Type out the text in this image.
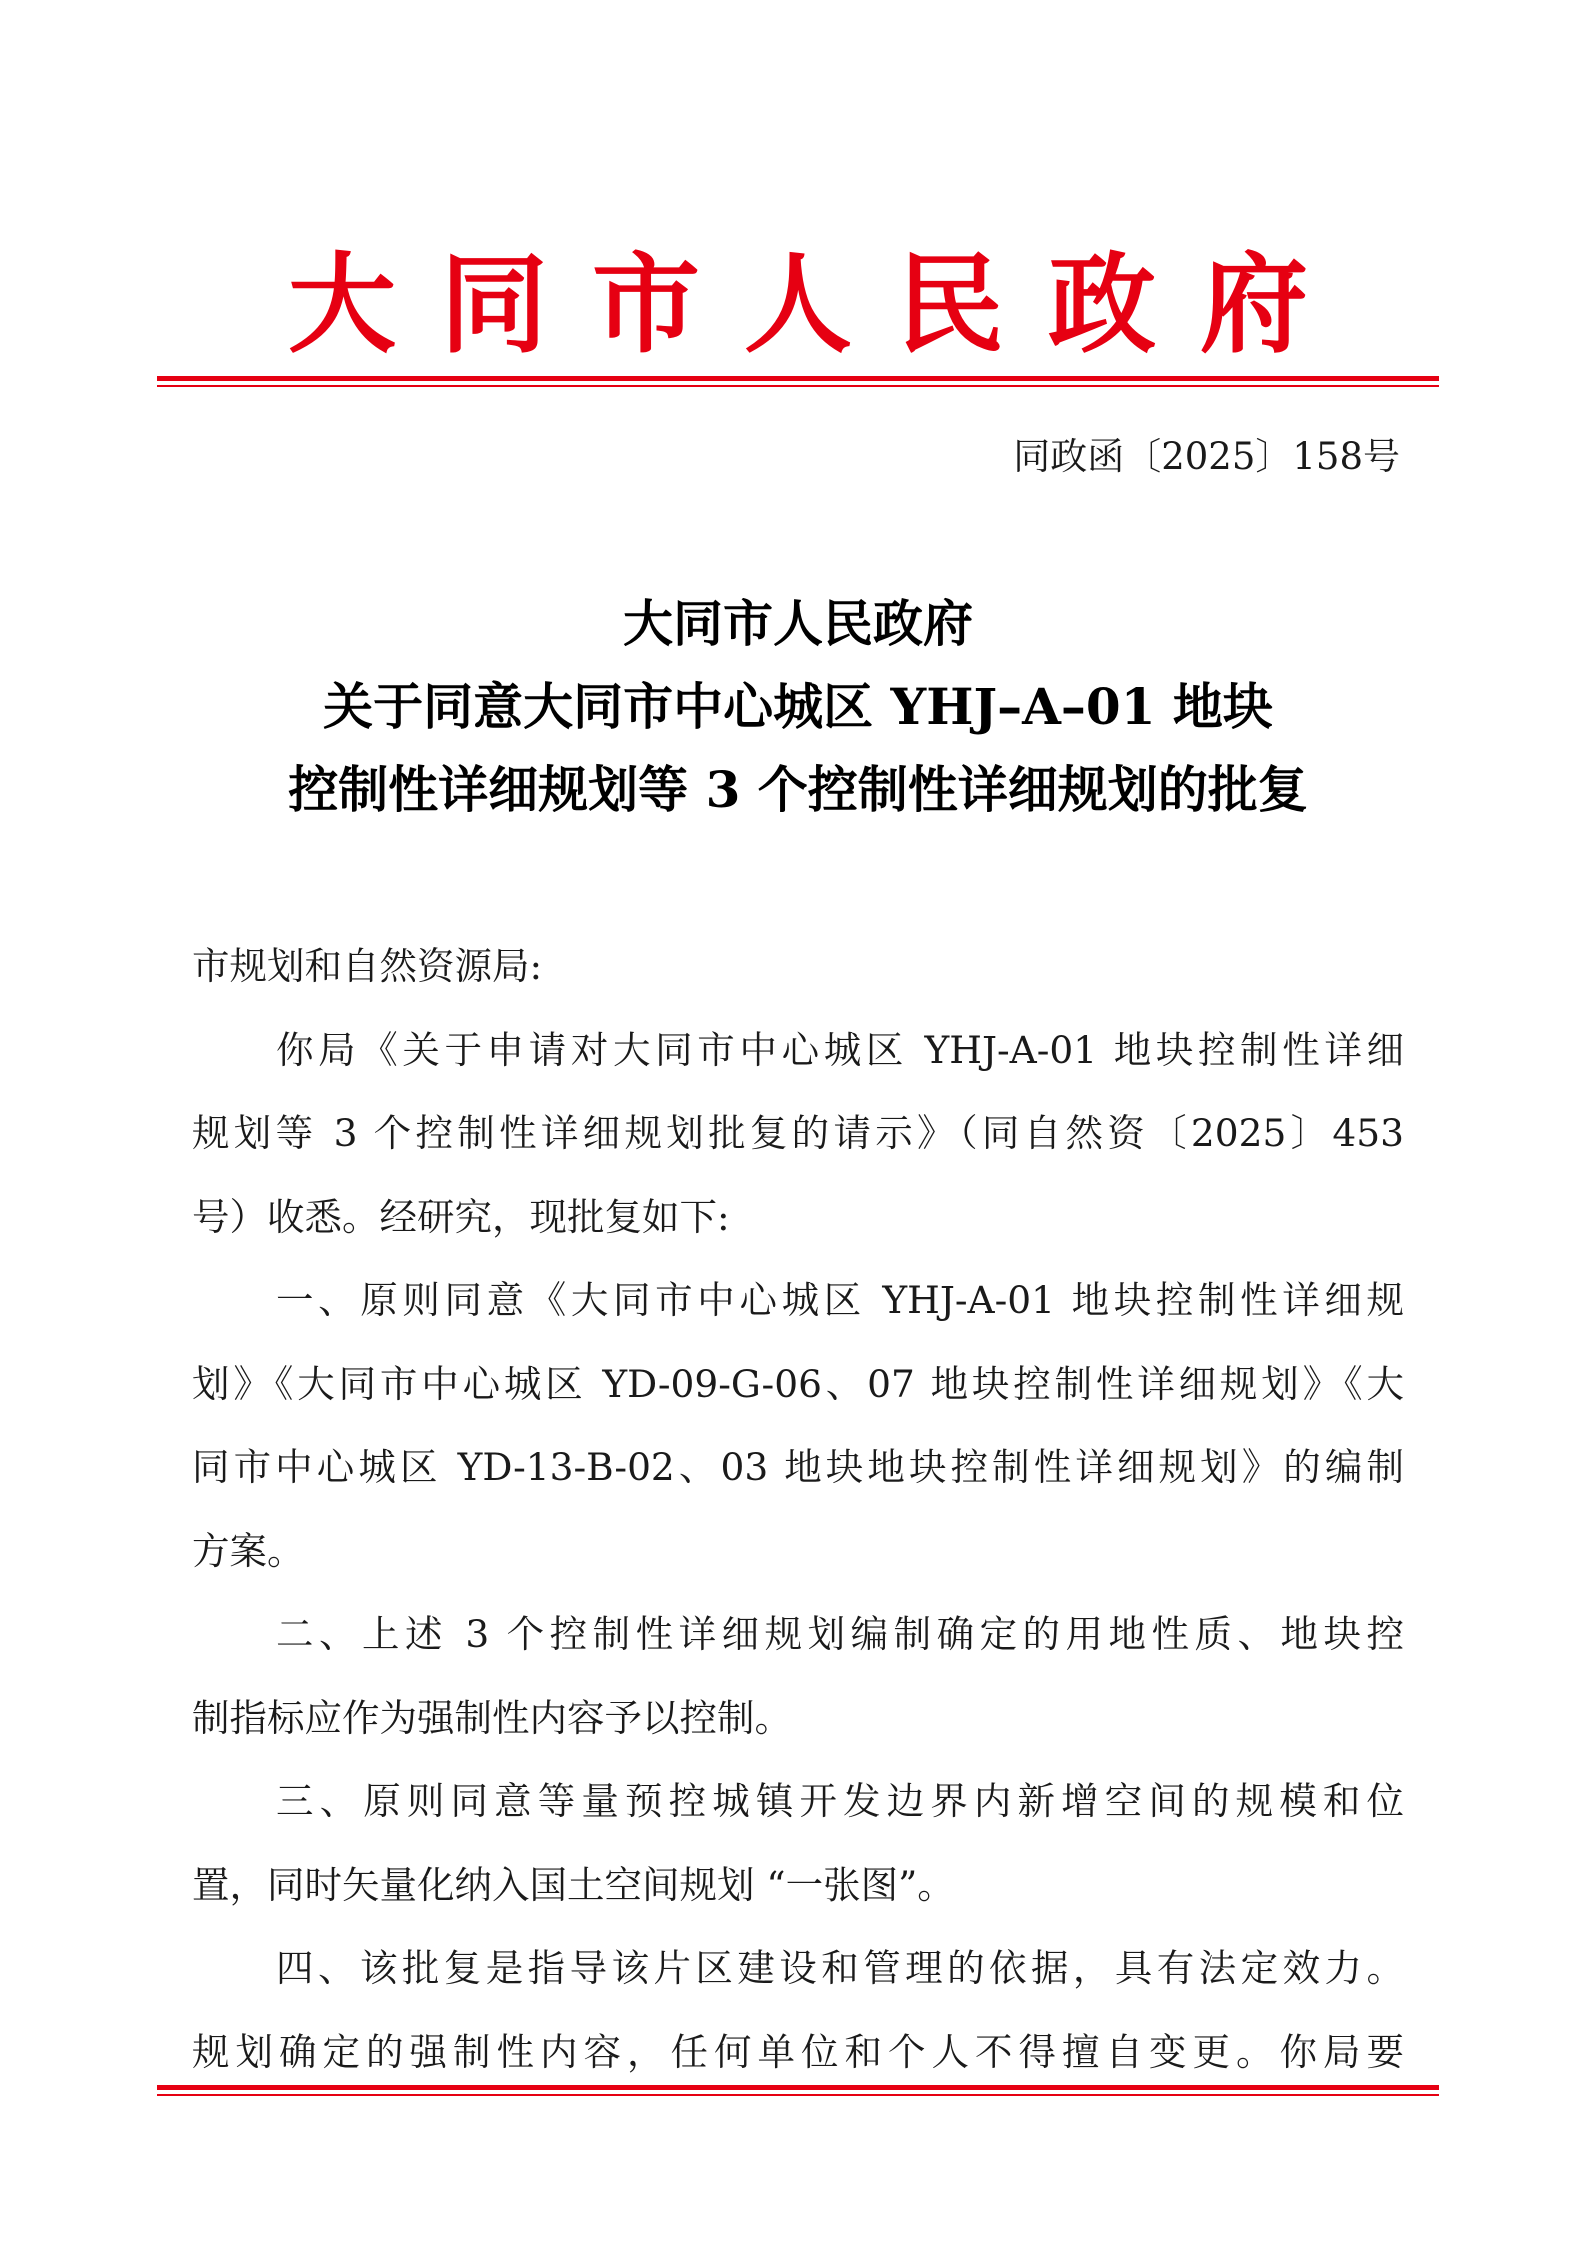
大同市人民政府
同政函〔2025〕158号
大同市人民政府
关于同意大同市中心城区 YHJ–A–01 地块
控制性详细规划等 3 个控制性详细规划的批复
市规划和自然资源局:
你局《关于申请对大同市中心城区 YHJ-A-01 地块控制性详细
规划等 3 个控制性详细规划批复的请示》（同自然资〔2025〕453
号）收悉。经研究，现批复如下:
一、原则同意《大同市中心城区 YHJ-A-01 地块控制性详细规
划》《大同市中心城区 YD-09-G-06、07 地块控制性详细规划》《大
同市中心城区 YD-13-B-02、03 地块地块控制性详细规划》的编制
方案。
二、上述 3 个控制性详细规划编制确定的用地性质、地块控
制指标应作为强制性内容予以控制。
三、原则同意等量预控城镇开发边界内新增空间的规模和位
置，同时矢量化纳入国土空间规划 “一张图”。
四、该批复是指导该片区建设和管理的依据，具有法定效力。
规划确定的强制性内容，任何单位和个人不得擅自变更。你局要
